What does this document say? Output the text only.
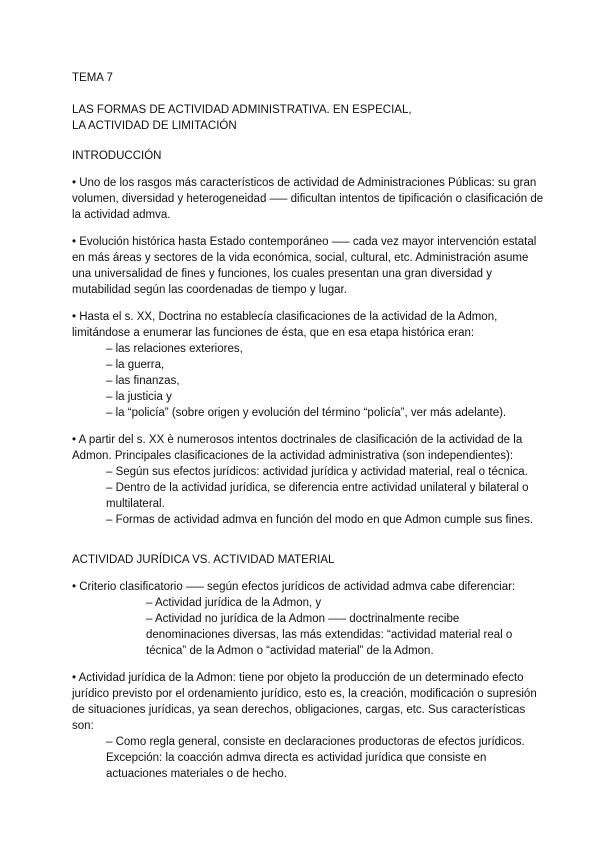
TEMA 7
LAS FORMAS DE ACTIVIDAD ADMINISTRATIVA. EN ESPECIAL,
LA ACTIVIDAD DE LIMITACIÓN
INTRODUCCIÓN
• Uno de los rasgos más característicos de actividad de Administraciones Públicas: su gran
volumen, diversidad y heterogeneidad —– dificultan intentos de tipificación o clasificación de
la actividad admva.
• Evolución histórica hasta Estado contemporáneo —– cada vez mayor intervención estatal
en más áreas y sectores de la vida económica, social, cultural, etc. Administración asume
una universalidad de fines y funciones, los cuales presentan una gran diversidad y
mutabilidad según las coordenadas de tiempo y lugar.
• Hasta el s. XX, Doctrina no establecía clasificaciones de la actividad de la Admon,
limitándose a enumerar las funciones de ésta, que en esa etapa histórica eran:
– las relaciones exteriores,
– la guerra,
– las finanzas,
– la justicia y
– la “policía” (sobre origen y evolución del término “policía”, ver más adelante).
• A partir del s. XX è numerosos intentos doctrinales de clasificación de la actividad de la
Admon. Principales clasificaciones de la actividad administrativa (son independientes):
– Según sus efectos jurídicos: actividad jurídica y actividad material, real o técnica.
– Dentro de la actividad jurídica, se diferencia entre actividad unilateral y bilateral o
multilateral.
– Formas de actividad admva en función del modo en que Admon cumple sus fines.
ACTIVIDAD JURÍDICA VS. ACTIVIDAD MATERIAL
• Criterio clasificatorio —– según efectos jurídicos de actividad admva cabe diferenciar:
– Actividad jurídica de la Admon, y
– Actividad no jurídica de la Admon —– doctrinalmente recibe
denominaciones diversas, las más extendidas: “actividad material real o
técnica” de la Admon o “actividad material” de la Admon.
• Actividad jurídica de la Admon: tiene por objeto la producción de un determinado efecto
jurídico previsto por el ordenamiento jurídico, esto es, la creación, modificación o supresión
de situaciones jurídicas, ya sean derechos, obligaciones, cargas, etc. Sus características
son:
– Como regla general, consiste en declaraciones productoras de efectos jurídicos.
Excepción: la coacción admva directa es actividad jurídica que consiste en
actuaciones materiales o de hecho.
